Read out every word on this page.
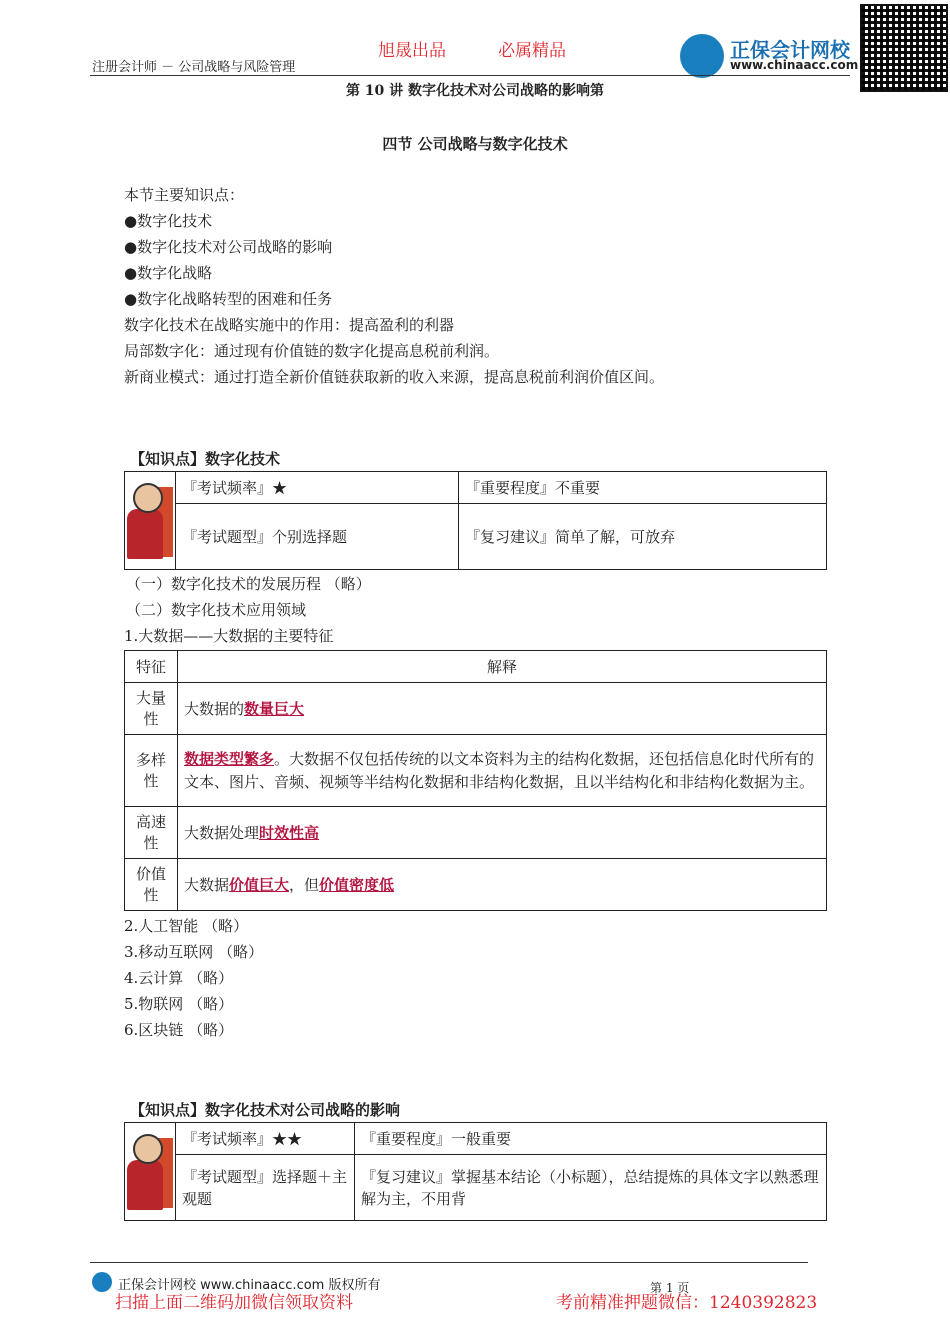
注册会计师 － 公司战略与风险管理
旭晟出品	必属精品	正保会计网校
www.chinaacc.com
第 10 讲 数字化技术对公司战略的影响第
四节 公司战略与数字化技术
本节主要知识点：
●数字化技术
●数字化技术对公司战略的影响
●数字化战略
●数字化战略转型的困难和任务
数字化技术在战略实施中的作用：提高盈利的利器
局部数字化：通过现有价值链的数字化提高息税前利润。
新商业模式：通过打造全新价值链获取新的收入来源，提高息税前利润价值区间。
【知识点】数字化技术
	『考试频率』★	『重要程度』不重要
	『考试题型』个别选择题	『复习建议』简单了解，可放弃
（一）数字化技术的发展历程 （略）
（二）数字化技术应用领域
1.大数据——大数据的主要特征
特征	解释
大量性	大数据的数量巨大
多样性	数据类型繁多。大数据不仅包括传统的以文本资料为主的结构化数据，还包括信息化时代所有的文本、图片、音频、视频等半结构化数据和非结构化数据，且以半结构化和非结构化数据为主。
高速性	大数据处理时效性高
价值性	大数据价值巨大，但价值密度低
2.人工智能 （略）
3.移动互联网 （略）
4.云计算 （略）
5.物联网 （略）
6.区块链 （略）
【知识点】数字化技术对公司战略的影响
	『考试频率』★★	『重要程度』一般重要
	『考试题型』选择题＋主观题	『复习建议』掌握基本结论（小标题），总结提炼的具体文字以熟悉理解为主，不用背
正保会计网校 www.chinaacc.com 版权所有	第 1 页
扫描上面二维码加微信领取资料	考前精准押题微信：1240392823
